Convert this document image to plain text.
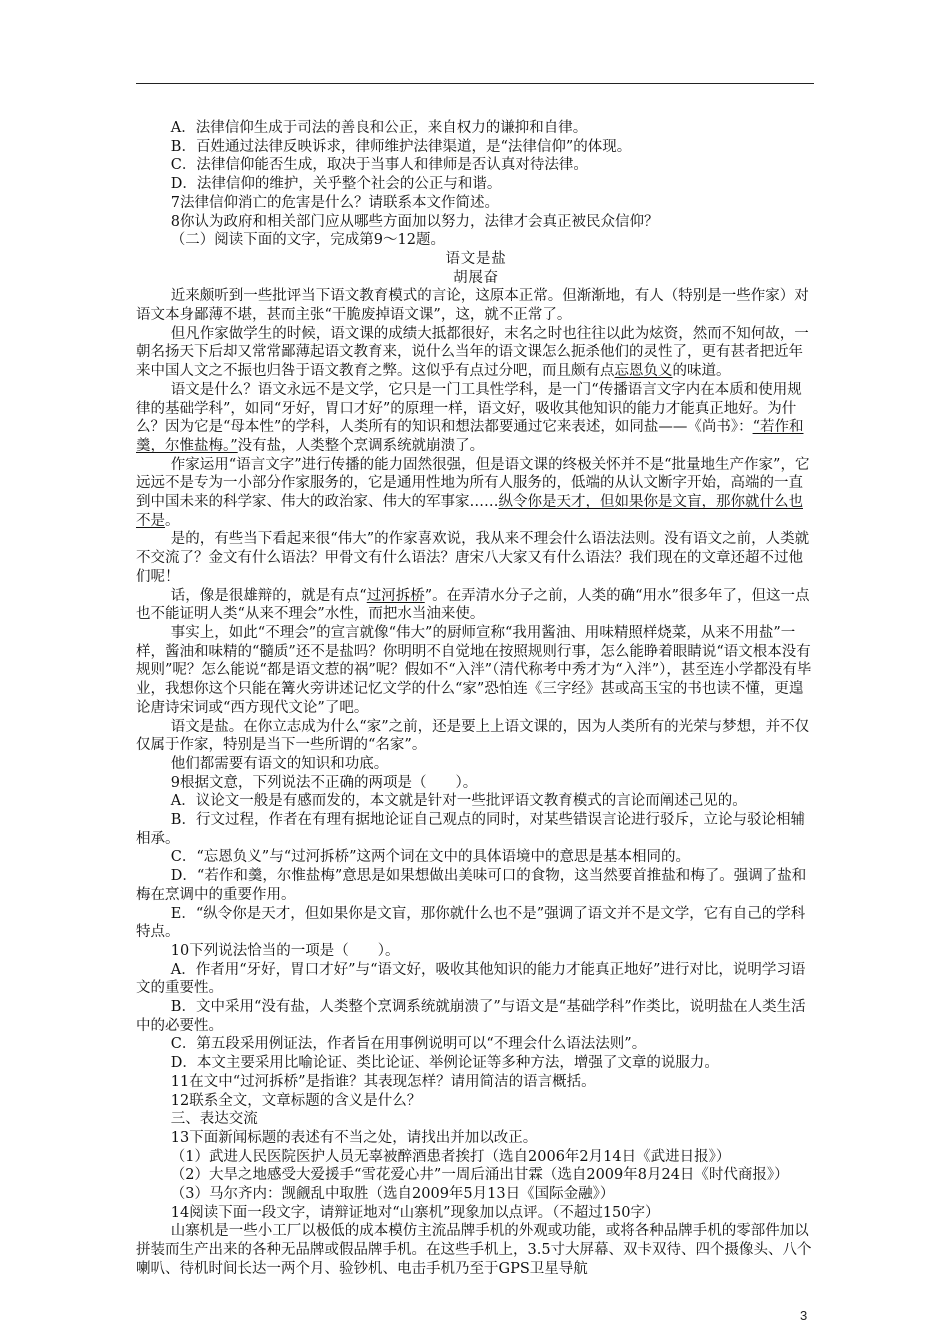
A．法律信仰生成于司法的善良和公正，来自权力的谦抑和自律。

B．百姓通过法律反映诉求，律师维护法律渠道，是“法律信仰”的体现。

C．法律信仰能否生成，取决于当事人和律师是否认真对待法律。

D．法律信仰的维护，关乎整个社会的公正与和谐。

7法律信仰消亡的危害是什么？请联系本文作简述。

8你认为政府和相关部门应从哪些方面加以努力，法律才会真正被民众信仰？

（二）阅读下面的文字，完成第9～12题。

语文是盐

胡展奋

近来颇听到一些批评当下语文教育模式的言论，这原本正常。但渐渐地，有人（特别是一些作家）对语文本身鄙薄不堪，甚而主张“干脆废掉语文课”，这，就不正常了。

但凡作家做学生的时候，语文课的成绩大抵都很好，末名之时也往往以此为炫资，然而不知何故，一朝名扬天下后却又常常鄙薄起语文教育来，说什么当年的语文课怎么扼杀他们的灵性了，更有甚者把近年来中国人文之不振也归咎于语文教育之弊。这似乎有点过分吧，而且颇有点忘恩负义的味道。

语文是什么？语文永远不是文学，它只是一门工具性学科，是一门“传播语言文字内在本质和使用规律的基础学科”，如同“牙好，胃口才好”的原理一样，语文好，吸收其他知识的能力才能真正地好。为什么？因为它是“母本性”的学科，人类所有的知识和想法都要通过它来表述，如同盐——《尚书》：“若作和羹，尔惟盐梅。”没有盐，人类整个烹调系统就崩溃了。

作家运用“语言文字”进行传播的能力固然很强，但是语文课的终极关怀并不是“批量地生产作家”，它远远不是专为一小部分作家服务的，它是通用性地为所有人服务的，低端的从认文断字开始，高端的一直到中国未来的科学家、伟大的政治家、伟大的军事家……纵令你是天才，但如果你是文盲，那你就什么也不是。

是的，有些当下看起来很“伟大”的作家喜欢说，我从来不理会什么语法法则。没有语文之前，人类就不交流了？金文有什么语法？甲骨文有什么语法？唐宋八大家又有什么语法？我们现在的文章还超不过他们呢！

话，像是很雄辩的，就是有点“过河拆桥”。在弄清水分子之前，人类的确“用水”很多年了，但这一点也不能证明人类“从来不理会”水性，而把水当油来使。

事实上，如此“不理会”的宣言就像“伟大”的厨师宣称“我用酱油、用味精照样烧菜，从来不用盐”一样，酱油和味精的“髓质”还不是盐吗？你明明不自觉地在按照规则行事，怎么能睁着眼睛说“语文根本没有规则”呢？怎么能说“都是语文惹的祸”呢？假如不“入泮”（清代称考中秀才为“入泮”），甚至连小学都没有毕业，我想你这个只能在篝火旁讲述记忆文学的什么“家”恐怕连《三字经》甚或高玉宝的书也读不懂，更遑论唐诗宋词或“西方现代文论”了吧。

语文是盐。在你立志成为什么“家”之前，还是要上上语文课的，因为人类所有的光荣与梦想，并不仅仅属于作家，特别是当下一些所谓的“名家”。

他们都需要有语文的知识和功底。

9根据文意，下列说法不正确的两项是（　　）。

A．议论文一般是有感而发的，本文就是针对一些批评语文教育模式的言论而阐述己见的。

B．行文过程，作者在有理有据地论证自己观点的同时，对某些错误言论进行驳斥，立论与驳论相辅相承。

C．“忘恩负义”与“过河拆桥”这两个词在文中的具体语境中的意思是基本相同的。

D．“若作和羹，尔惟盐梅”意思是如果想做出美味可口的食物，这当然要首推盐和梅了。强调了盐和梅在烹调中的重要作用。

E．“纵令你是天才，但如果你是文盲，那你就什么也不是”强调了语文并不是文学，它有自己的学科特点。

10下列说法恰当的一项是（　　）。

A．作者用“牙好，胃口才好”与“语文好，吸收其他知识的能力才能真正地好”进行对比，说明学习语文的重要性。

B．文中采用“没有盐，人类整个烹调系统就崩溃了”与语文是“基础学科”作类比，说明盐在人类生活中的必要性。

C．第五段采用例证法，作者旨在用事例说明可以“不理会什么语法法则”。

D．本文主要采用比喻论证、类比论证、举例论证等多种方法，增强了文章的说服力。

11在文中“过河拆桥”是指谁？其表现怎样？请用简洁的语言概括。

12联系全文，文章标题的含义是什么？

三、表达交流

13下面新闻标题的表述有不当之处，请找出并加以改正。

（1）武进人民医院医护人员无辜被醉酒患者挨打（选自2006年2月14日《武进日报》）

（2）大旱之地感受大爱援手“雪花爱心井”一周后涌出甘霖（选自2009年8月24日《时代商报》）

（3）马尔齐内：觊觎乱中取胜（选自2009年5月13日《国际金融》）

14阅读下面一段文字，请辩证地对“山寨机”现象加以点评。（不超过150字）

山寨机是一些小工厂以极低的成本模仿主流品牌手机的外观或功能，或将各种品牌手机的零部件加以拼装而生产出来的各种无品牌或假品牌手机。在这些手机上，3.5寸大屏幕、双卡双待、四个摄像头、八个喇叭、待机时间长达一两个月、验钞机、电击手机乃至于GPS卫星导航

3
